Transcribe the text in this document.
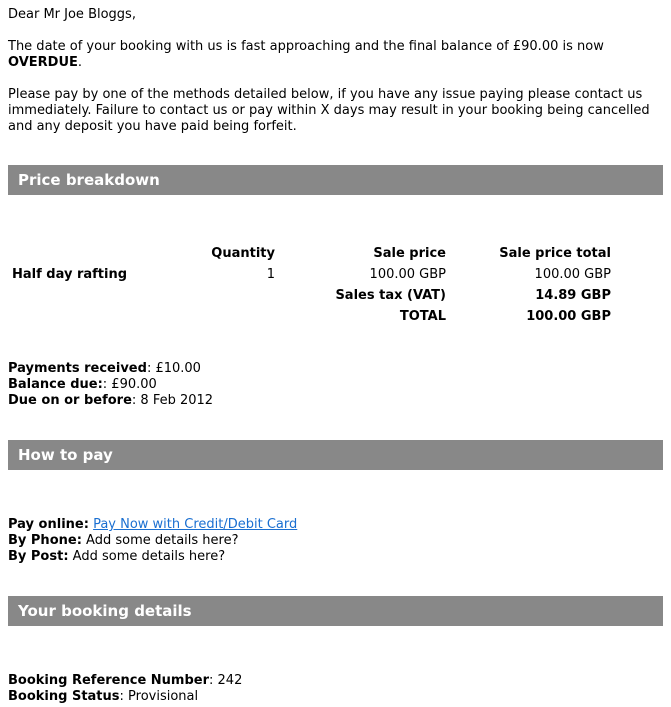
Dear Mr Joe Bloggs,

The date of your booking with us is fast approaching and the final balance of £90.00 is now
OVERDUE.

Please pay by one of the methods detailed below, if you have any issue paying please contact us immediately. Failure to contact us or pay within X days may result in your booking being cancelled and any deposit you have paid being forfeit.

Price breakdown
	Quantity	Sale price	Sale price total
Half day rafting	1	100.00 GBP	100.00 GBP
		Sales tax (VAT)	14.89 GBP
		TOTAL	100.00 GBP
Payments received: £10.00
Balance due:: £90.00
Due on or before: 8 Feb 2012
How to pay
Pay online: Pay Now with Credit/Debit Card
By Phone: Add some details here?
By Post: Add some details here?
Your booking details
Booking Reference Number: 242
Booking Status: Provisional
